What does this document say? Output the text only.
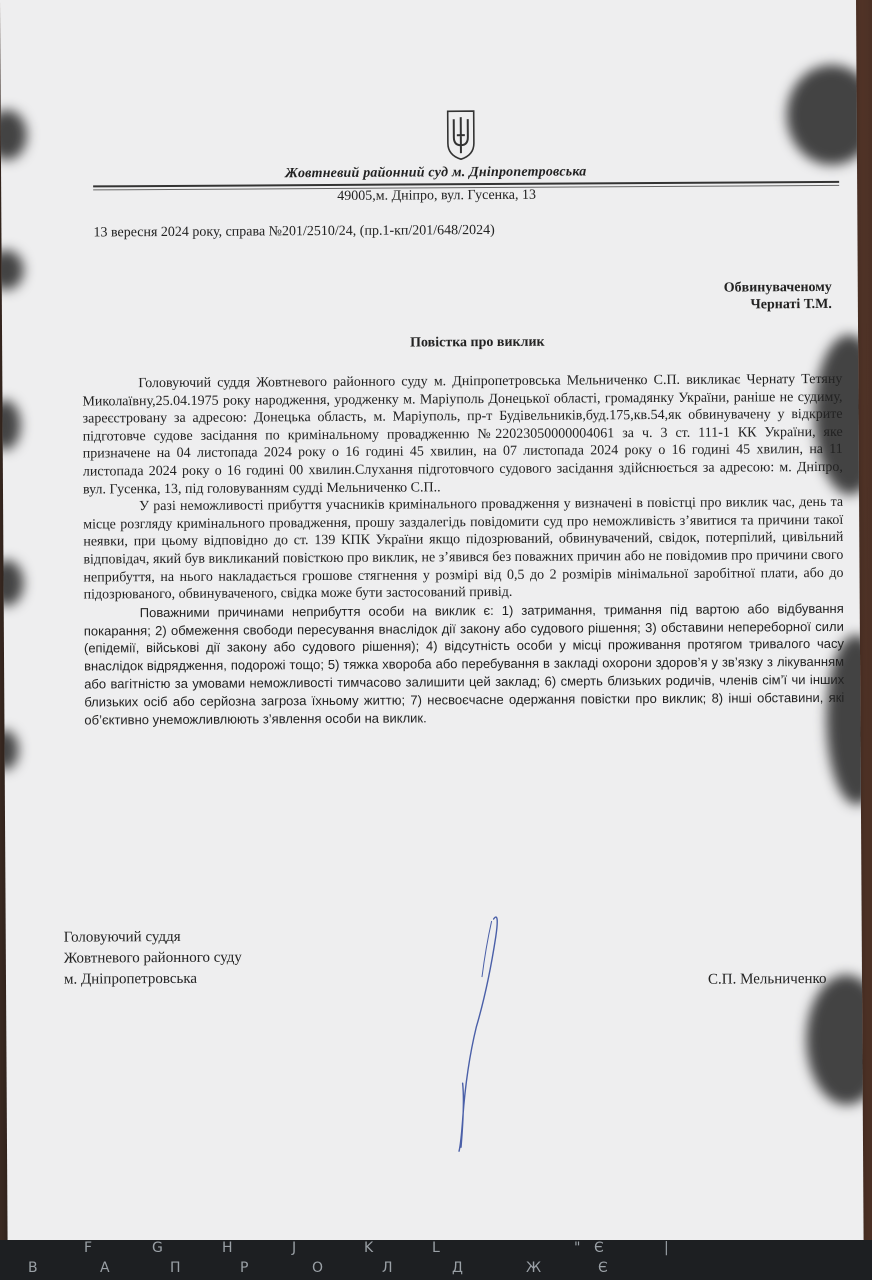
Жовтневий районний суд м. Дніпропетровська
49005,м. Дніпро, вул. Гусенка, 13
13 вересня 2024 року, справа №201/2510/24, (пр.1-кп/201/648/2024)
Обвинуваченому
Чернаті Т.М.
Повістка про виклик

Головуючий суддя Жовтневого районного суду м. Дніпропетровська Мельниченко С.П. викликає Чернату Тетяну Миколаївну,25.04.1975 року народження, уродженку м. Маріуполь Донецької області, громадянку України, раніше не судиму, зареєстровану за адресою: Донецька область, м. Маріуполь, пр-т Будівельників,буд.175,кв.54,як обвинувачену у відкрите підготовче судове засідання по кримінальному провадженню №22023050000004061 за ч. 3 ст. 111-1 КК України, яке призначене на 04 листопада 2024 року о 16 годині 45 хвилин, на 07 листопада 2024 року о 16 годині 45 хвилин, на 11 листопада 2024 року о 16 годині 00 хвилин.Слухання підготовчого судового засідання здійснюється за адресою: м. Дніпро, вул. Гусенка, 13, під головуванням судді Мельниченко С.П..

У разі неможливості прибуття учасників кримінального провадження у визначені в повістці про виклик час, день та місце розгляду кримінального провадження, прошу заздалегідь повідомити суд про неможливість з’явитися та причини такої неявки, при цьому відповідно до ст. 139 КПК України якщо підозрюваний, обвинувачений, свідок, потерпілий, цивільний відповідач, який був викликаний повісткою про виклик, не з’явився без поважних причин або не повідомив про причини свого неприбуття, на нього накладається грошове стягнення у розмірі від 0,5 до 2 розмірів мінімальної заробітної плати, або до підозрюваного, обвинуваченого, свідка може бути застосований привід.

Поважними причинами неприбуття особи на виклик є: 1) затримання, тримання під вартою або відбування покарання; 2) обмеження свободи пересування внаслідок дії закону або судового рішення; 3) обставини непереборної сили (епідемії, військові дії закону або судового рішення); 4) відсутність особи у місці проживання протягом тривалого часу внаслідок відрядження, подорожі тощо; 5) тяжка хвороба або перебування в закладі охорони здоров’я у зв’язку з лікуванням або вагітністю за умовами неможливості тимчасово залишити цей заклад; 6) смерть близьких родичів, членів сім’ї чи інших близьких осіб або серйозна загроза їхньому життю; 7) несвоєчасне одержання повістки про виклик; 8) інші обставини, які об’єктивно унеможливлюють з’явлення особи на виклик.

Головуючий суддя
Жовтневого районного суду
м. Дніпропетровська	С.П. Мельниченко
F	G	H	J	K	L	" Є	|
В	А	П	Р	О	Л	Д	Ж	Є
